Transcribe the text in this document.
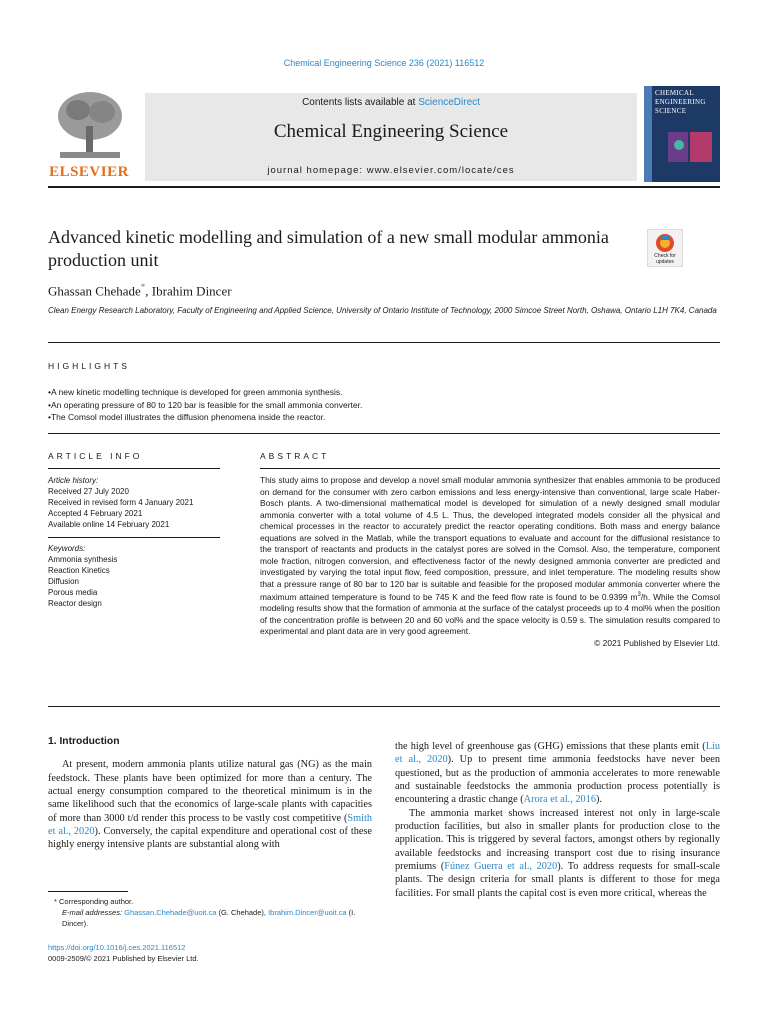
Chemical Engineering Science 236 (2021) 116512
ELSEVIER
Contents lists available at ScienceDirect
Chemical Engineering Science
journal homepage: www.elsevier.com/locate/ces
CHEMICAL
ENGINEERING
SCIENCE
Advanced kinetic modelling and simulation of a new small modular ammonia production unit	Check for updates
Ghassan Chehade*, Ibrahim Dincer
Clean Energy Research Laboratory, Faculty of Engineering and Applied Science, University of Ontario Institute of Technology, 2000 Simcoe Street North, Oshawa, Ontario L1H 7K4, Canada
HIGHLIGHTS
• A new kinetic modelling technique is developed for green ammonia synthesis.
• An operating pressure of 80 to 120 bar is feasible for the small ammonia converter.
• The Comsol model illustrates the diffusion phenomena inside the reactor.
ARTICLE INFO
Article history:
Received 27 July 2020
Received in revised form 4 January 2021
Accepted 4 February 2021
Available online 14 February 2021
Keywords:
Ammonia synthesis
Reaction Kinetics
Diffusion
Porous media
Reactor design
ABSTRACT
This study aims to propose and develop a novel small modular ammonia synthesizer that enables ammonia to be produced on demand for the consumer with zero carbon emissions and less energy-intensive than conventional, large scale Haber-Bosch plants. A two-dimensional mathematical model is developed for simulation of a newly designed small modular ammonia converter with a total volume of 4.5 L. Thus, the developed integrated models consider all the physical and chemical processes in the reactor to accurately predict the reactor operating conditions. Both mass and energy balance equations are solved in the Matlab, while the transport equations to evaluate and account for the diffusional resistance to the transport of reactants and products in the catalyst pores are solved in the Comsol. Also, the temperature, component mole fraction, nitrogen conversion, and effectiveness factor of the newly designed ammonia converter are predicted and investigated by varying the total input flow, feed composition, pressure, and inlet temperature. The modeling results show that a pressure range of 80 bar to 120 bar is suitable and feasible for the proposed modular ammonia converter where the maximum attained temperature is found to be 745 K and the feed flow rate is found to be 0.9399 $m^3/h$. While the Comsol modeling results show that the formation of ammonia at the surface of the catalyst proceeds up to 4 mol% when the position of the concentration profile is between 20 and 60 vol% and the space velocity is 0.59 s. The simulation results compared to experimental and plant data are in very good agreement.
© 2021 Published by Elsevier Ltd.
1. Introduction

At present, modern ammonia plants utilize natural gas (NG) as the main feedstock. These plants have been optimized for more than a century. The actual energy consumption compared to the theoretical minimum is in the same likelihood such that the economics of large-scale plants with capacities of more than 3000 t/d render this process to be vastly cost competitive (Smith et al., 2020). Conversely, the capital expenditure and operational cost of these highly energy intensive plants are substantial along with

* Corresponding author.
E-mail addresses: Ghassan.Chehade@uoit.ca (G. Chehade), Ibrahim.Dincer@uoit.ca (I. Dincer).
https://doi.org/10.1016/j.ces.2021.116512
0009-2509/© 2021 Published by Elsevier Ltd.

the high level of greenhouse gas (GHG) emissions that these plants emit (Liu et al., 2020). Up to present time ammonia feedstocks have never been questioned, but as the production of ammonia accelerates to more renewable and sustainable feedstocks the ammonia production process potentially is encountering a drastic change (Arora et al., 2016).

The ammonia market shows increased interest not only in large-scale production facilities, but also in smaller plants for production close to the application. This is triggered by several factors, amongst others by regionally available feedstocks and increasing transport cost due to rising insurance premiums (Fúnez Guerra et al., 2020). To address requests for small-scale plants. The design criteria for small plants is different to those for mega facilities. For small plants the capital cost is even more critical, whereas the
